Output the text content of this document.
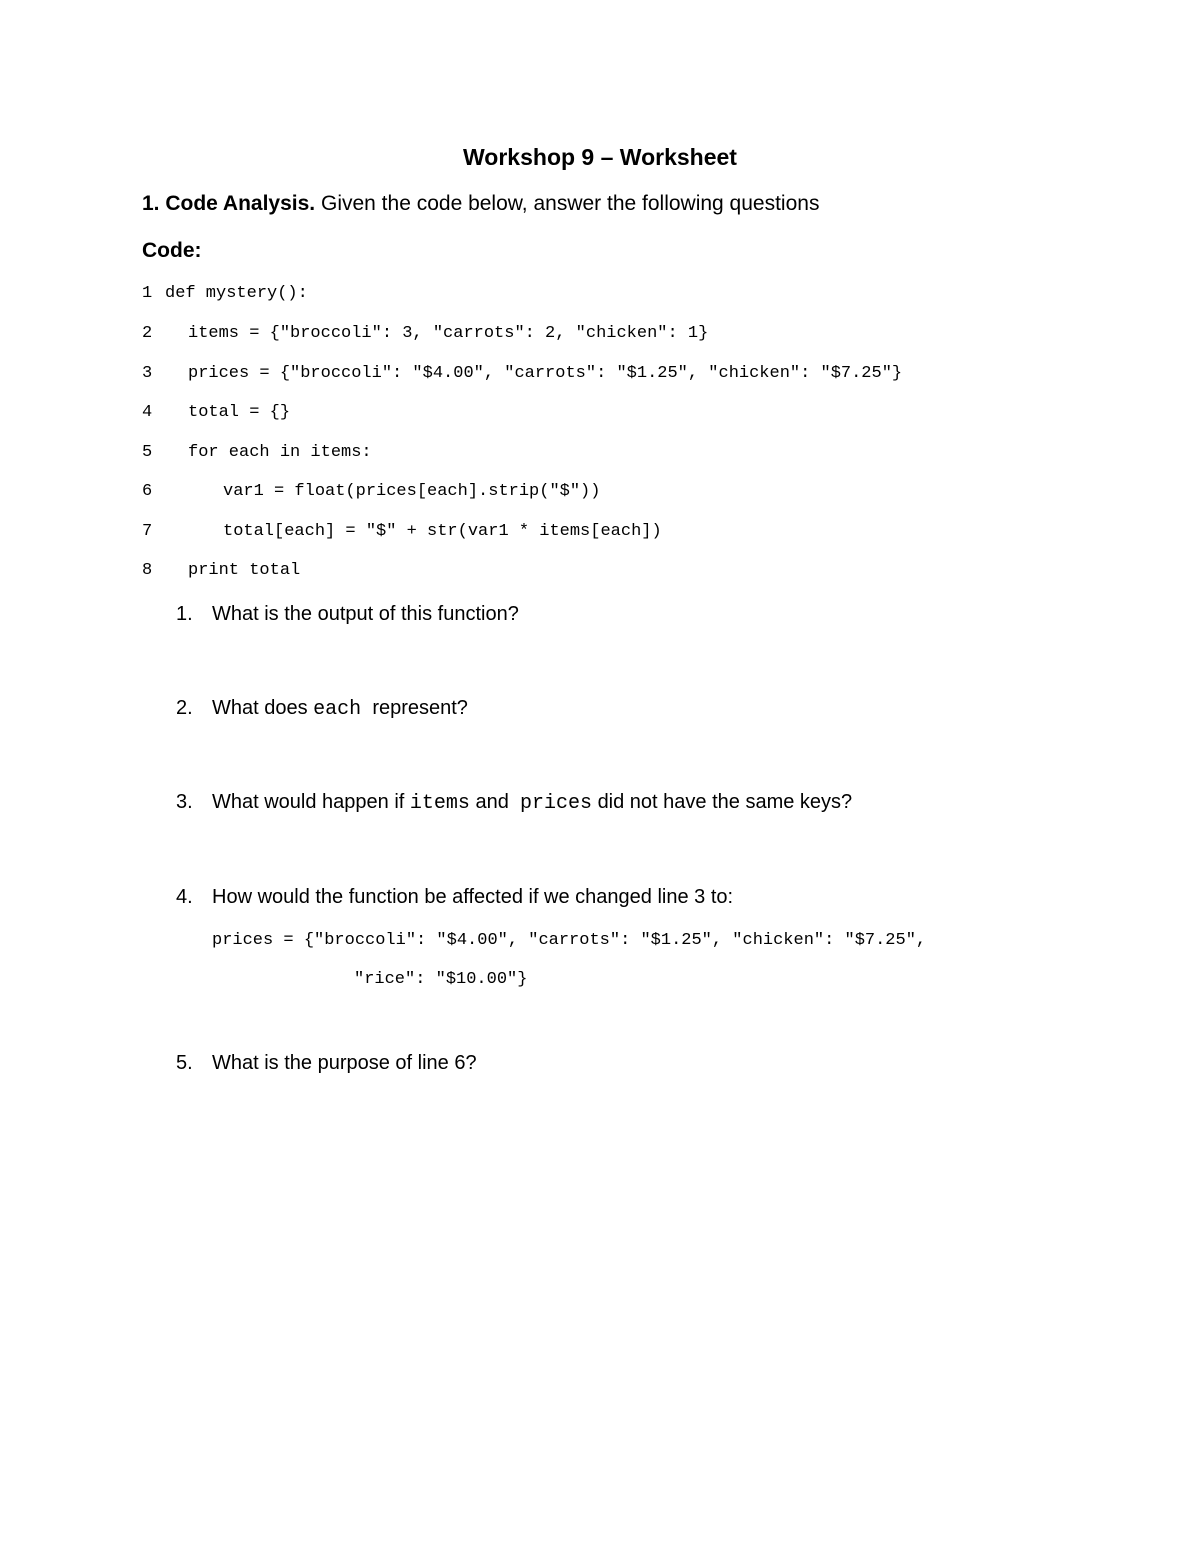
Workshop 9 – Worksheet
1. Code Analysis. Given the code below, answer the following questions
Code:

1

def mystery():

2

items = {"broccoli": 3, "carrots": 2, "chicken": 1}

3

prices = {"broccoli": "$4.00", "carrots": "$1.25", "chicken": "$7.25"}

4

total = {}

5

for each in items:

6

	var1 = float(prices[each].strip("$"))

7

	total[each] = "$" + str(var1 * items[each])

8

print total

1. What is the output of this function?
2. What does each represent?
3. What would happen if items and prices did not have the same keys?
4. How would the function be affected if we changed line 3 to:
prices = {"broccoli": "$4.00", "carrots": "$1.25", "chicken": "$7.25",
"rice": "$10.00"}
5. What is the purpose of line 6?
